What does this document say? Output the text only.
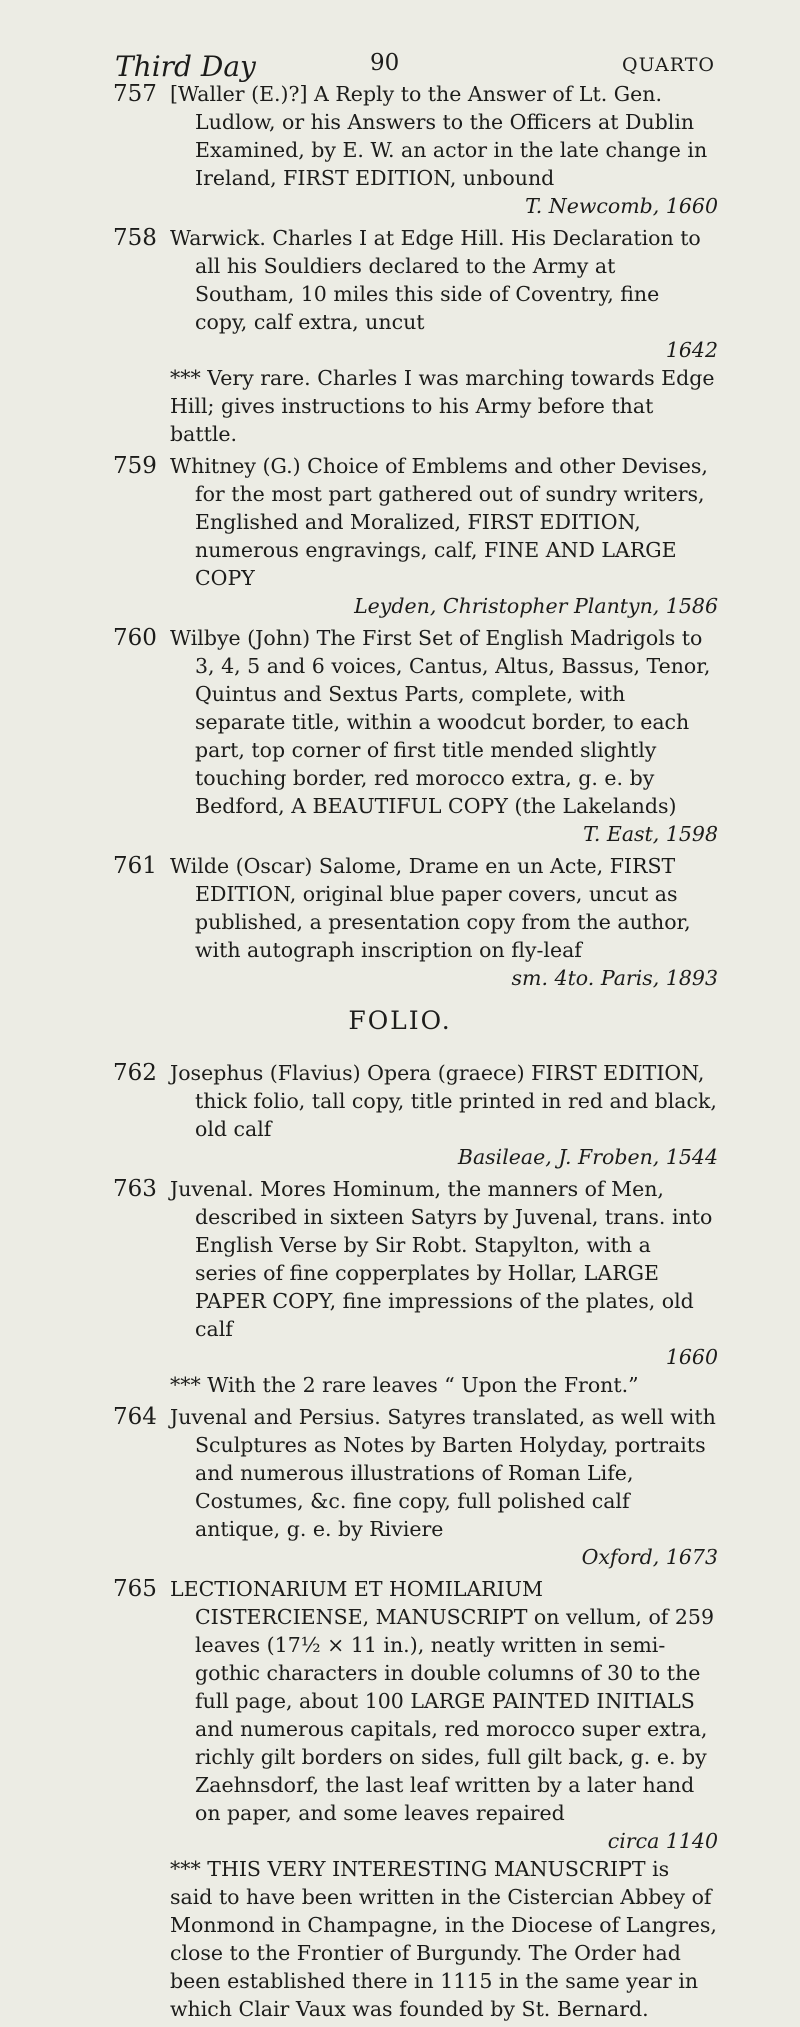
Third Day	90	QUARTO
757 [Waller (E.)?] A Reply to the Answer of Lt. Gen. Ludlow, or his Answers to the Officers at Dublin Examined, by E. W. an actor in the late change in Ireland, FIRST EDITION, unbound

T. Newcomb, 1660

758 Warwick. Charles I at Edge Hill. His Declaration to all his Souldiers declared to the Army at Southam, 10 miles this side of Coventry, fine copy, calf extra, uncut

1642

*** Very rare. Charles I was marching towards Edge Hill; gives instructions to his Army before that battle.

759 Whitney (G.) Choice of Emblems and other Devises, for the most part gathered out of sundry writers, Englished and Moralized, FIRST EDITION, numerous engravings, calf, FINE AND LARGE COPY

Leyden, Christopher Plantyn, 1586

760 Wilbye (John) The First Set of English Madrigols to 3, 4, 5 and 6 voices, Cantus, Altus, Bassus, Tenor, Quintus and Sextus Parts, complete, with separate title, within a woodcut border, to each part, top corner of first title mended slightly touching border, red morocco extra, g. e. by Bedford, A BEAUTIFUL COPY (the Lakelands)

T. East, 1598

761 Wilde (Oscar) Salome, Drame en un Acte, FIRST EDITION, original blue paper covers, uncut as published, a presentation copy from the author, with autograph inscription on fly-leaf

sm. 4to. Paris, 1893

FOLIO.
762 Josephus (Flavius) Opera (graece) FIRST EDITION, thick folio, tall copy, title printed in red and black, old calf

Basileae, J. Froben, 1544

763 Juvenal. Mores Hominum, the manners of Men, described in sixteen Satyrs by Juvenal, trans. into English Verse by Sir Robt. Stapylton, with a series of fine copperplates by Hollar, LARGE PAPER COPY, fine impressions of the plates, old calf

1660

*** With the 2 rare leaves “ Upon the Front.”

764 Juvenal and Persius. Satyres translated, as well with Sculptures as Notes by Barten Holyday, portraits and numerous illustrations of Roman Life, Costumes, &c. fine copy, full polished calf antique, g. e. by Riviere

Oxford, 1673

765 LECTIONARIUM ET HOMILARIUM CISTERCIENSE, MANUSCRIPT on vellum, of 259 leaves (17½ × 11 in.), neatly written in semi-gothic characters in double columns of 30 to the full page, about 100 LARGE PAINTED INITIALS and numerous capitals, red morocco super extra, richly gilt borders on sides, full gilt back, g. e. by Zaehnsdorf, the last leaf written by a later hand on paper, and some leaves repaired

circa 1140

*** THIS VERY INTERESTING MANUSCRIPT is said to have been written in the Cistercian Abbey of Monmond in Champagne, in the Diocese of Langres, close to the Frontier of Burgundy. The Order had been established there in 1115 in the same year in which Clair Vaux was founded by St. Bernard.
